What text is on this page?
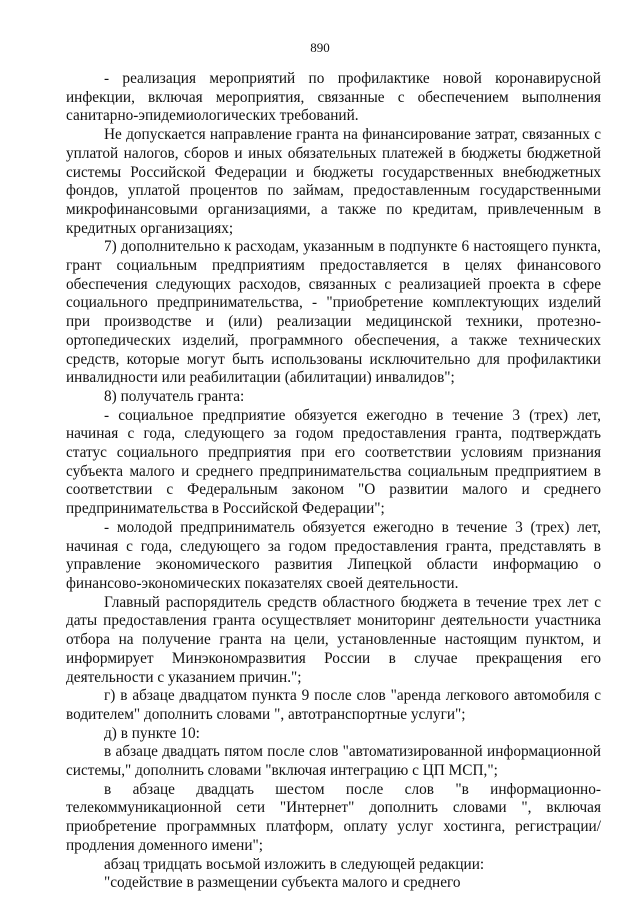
890

- реализация мероприятий по профилактике новой коронавирусной инфекции, включая мероприятия, связанные с обеспечением выполнения санитарно-эпидемиологических требований.

Не допускается направление гранта на финансирование затрат, связанных с уплатой налогов, сборов и иных обязательных платежей в бюджеты бюджетной системы Российской Федерации и бюджеты государственных внебюджетных фондов, уплатой процентов по займам, предоставленным государственными микрофинансовыми организациями, а также по кредитам, привлеченным в кредитных организациях;

7) дополнительно к расходам, указанным в подпункте 6 настоящего пункта, грант социальным предприятиям предоставляется в целях финансового обеспечения следующих расходов, связанных с реализацией проекта в сфере социального предпринимательства, - "приобретение комплектующих изделий при производстве и (или) реализации медицинской техники, протезно-ортопедических изделий, программного обеспечения, а также технических средств, которые могут быть использованы исключительно для профилактики инвалидности или реабилитации (абилитации) инвалидов";

8) получатель гранта:

- социальное предприятие обязуется ежегодно в течение 3 (трех) лет, начиная с года, следующего за годом предоставления гранта, подтверждать статус социального предприятия при его соответствии условиям признания субъекта малого и среднего предпринимательства социальным предприятием в соответствии с Федеральным законом "О развитии малого и среднего предпринимательства в Российской Федерации";

- молодой предприниматель обязуется ежегодно в течение 3 (трех) лет, начиная с года, следующего за годом предоставления гранта, представлять в управление экономического развития Липецкой области информацию о финансово-экономических показателях своей деятельности.

Главный распорядитель средств областного бюджета в течение трех лет с даты предоставления гранта осуществляет мониторинг деятельности участника отбора на получение гранта на цели, установленные настоящим пунктом, и информирует Минэкономразвития России в случае прекращения его деятельности с указанием причин.";

г) в абзаце двадцатом пункта 9 после слов "аренда легкового автомобиля с водителем" дополнить словами ", автотранспортные услуги";

д) в пункте 10:

в абзаце двадцать пятом после слов "автоматизированной информационной системы," дополнить словами "включая интеграцию с ЦП МСП,";

в абзаце двадцать шестом после слов "в информационно-телекоммуникационной сети "Интернет" дополнить словами ", включая приобретение программных платформ, оплату услуг хостинга, регистрации/продления доменного имени";

абзац тридцать восьмой изложить в следующей редакции:

"содействие в размещении субъекта малого и среднего
